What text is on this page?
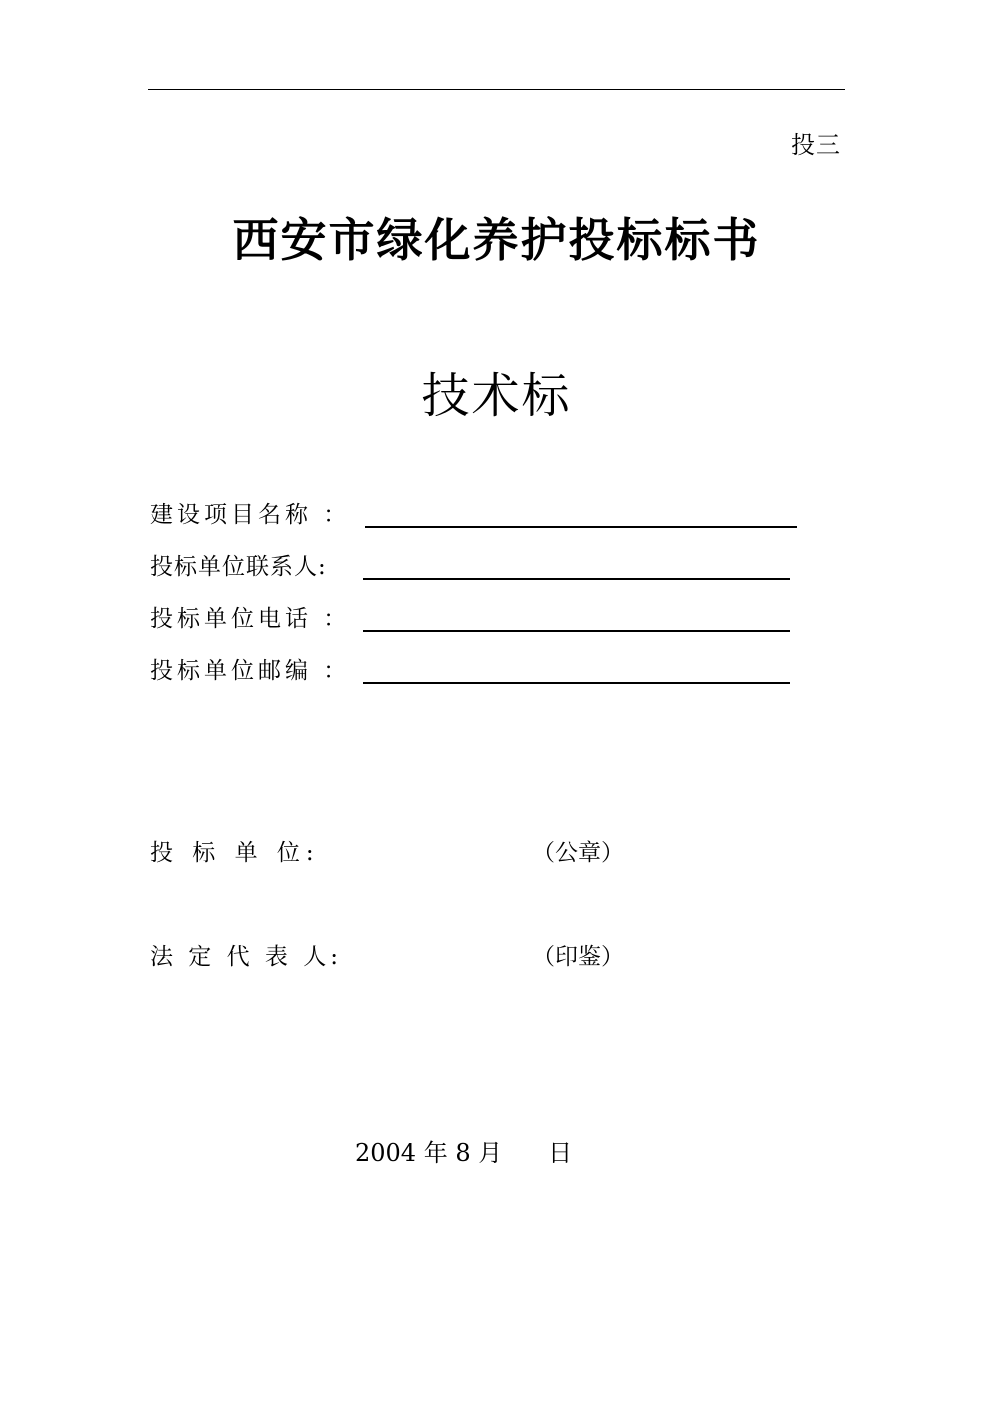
投三
西安市绿化养护投标标书
技术标
建设项目名称 ：
投标单位联系人:
投标单位电话 ：
投标单位邮编 ：
投 标 单 位:	（公章）
法 定 代 表 人:	（印鉴）
2004 年 8 月 日
